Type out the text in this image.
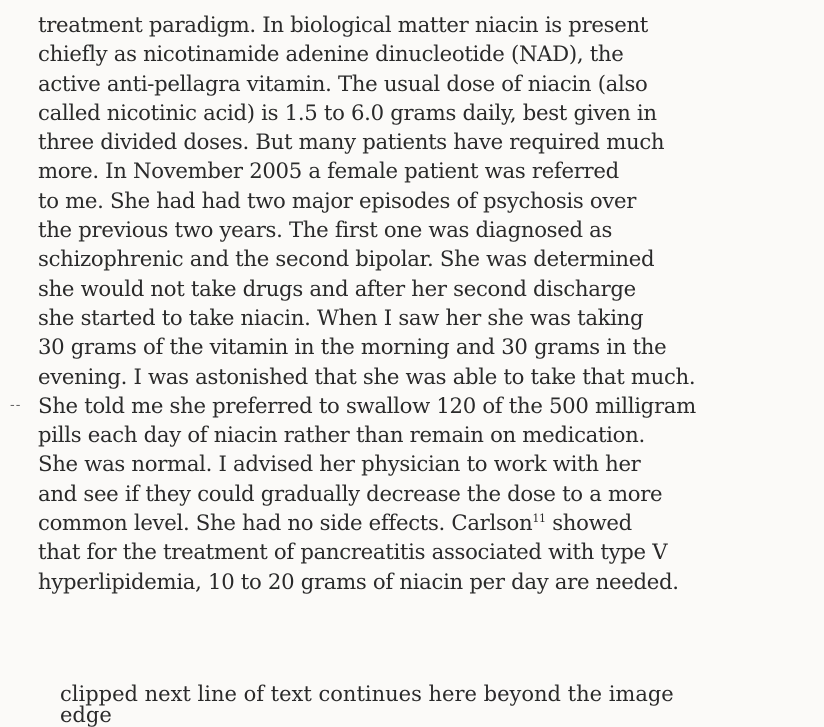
--
treatment paradigm. In biological matter niacin is present
chiefly as nicotinamide adenine dinucleotide (NAD), the
active anti-pellagra vitamin. The usual dose of niacin (also
called nicotinic acid) is 1.5 to 6.0 grams daily, best given in
three divided doses. But many patients have required much
more. In November 2005 a female patient was referred
to me. She had had two major episodes of psychosis over
the previous two years. The first one was diagnosed as
schizophrenic and the second bipolar. She was determined
she would not take drugs and after her second discharge
she started to take niacin. When I saw her she was taking
30 grams of the vitamin in the morning and 30 grams in the
evening. I was astonished that she was able to take that much.
She told me she preferred to swallow 120 of the 500 milligram
pills each day of niacin rather than remain on medication.
She was normal. I advised her physician to work with her
and see if they could gradually decrease the dose to a more
common level. She had no side effects. Carlson$^{11}$ showed
that for the treatment of pancreatitis associated with type V
hyperlipidemia, 10 to 20 grams of niacin per day are needed.
clipped next line of text continues here beyond the image edge
